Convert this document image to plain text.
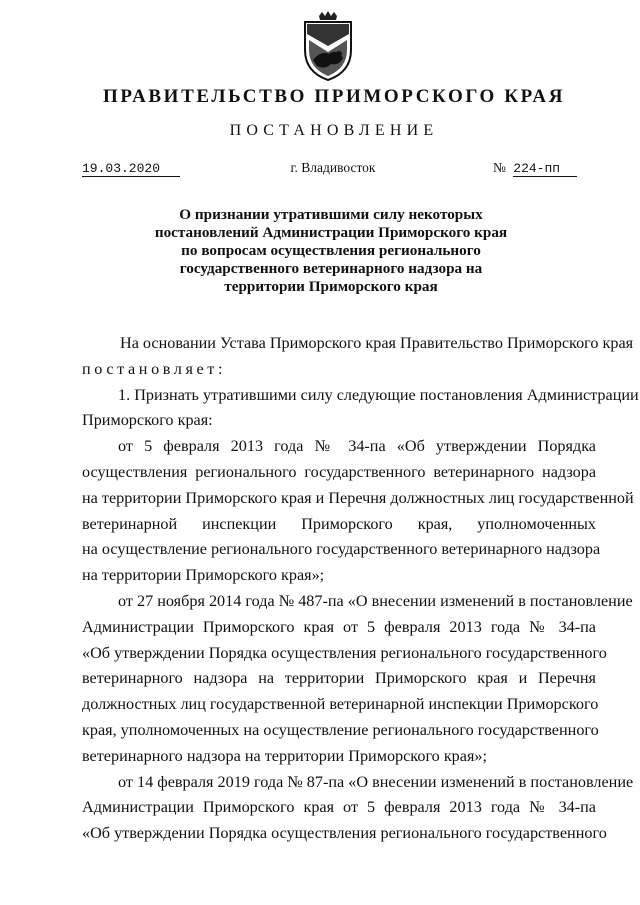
ПРАВИТЕЛЬСТВО ПРИМОРСКОГО КРАЯ
ПОСТАНОВЛЕНИЕ
19.03.2020	г. Владивосток	№ 224-пп
О признании утратившими силу некоторых
постановлений Администрации Приморского края
по вопросам осуществления регионального
государственного ветеринарного надзора на
территории Приморского края
На основании Устава Приморского края Правительство Приморского края
постановляет:
1. Признать утратившими силу следующие постановления Администрации
Приморского края:
от 5 февраля 2013 года № 34-па «Об утверждении Порядка
осуществления регионального государственного ветеринарного надзора
на территории Приморского края и Перечня должностных лиц государственной
ветеринарной инспекции Приморского края, уполномоченных
на осуществление регионального государственного ветеринарного надзора
на территории Приморского края»;
от 27 ноября 2014 года № 487-па «О внесении изменений в постановление
Администрации Приморского края от 5 февраля 2013 года № 34-па
«Об утверждении Порядка осуществления регионального государственного
ветеринарного надзора на территории Приморского края и Перечня
должностных лиц государственной ветеринарной инспекции Приморского
края, уполномоченных на осуществление регионального государственного
ветеринарного надзора на территории Приморского края»;
от 14 февраля 2019 года № 87-па «О внесении изменений в постановление
Администрации Приморского края от 5 февраля 2013 года № 34-па
«Об утверждении Порядка осуществления регионального государственного
